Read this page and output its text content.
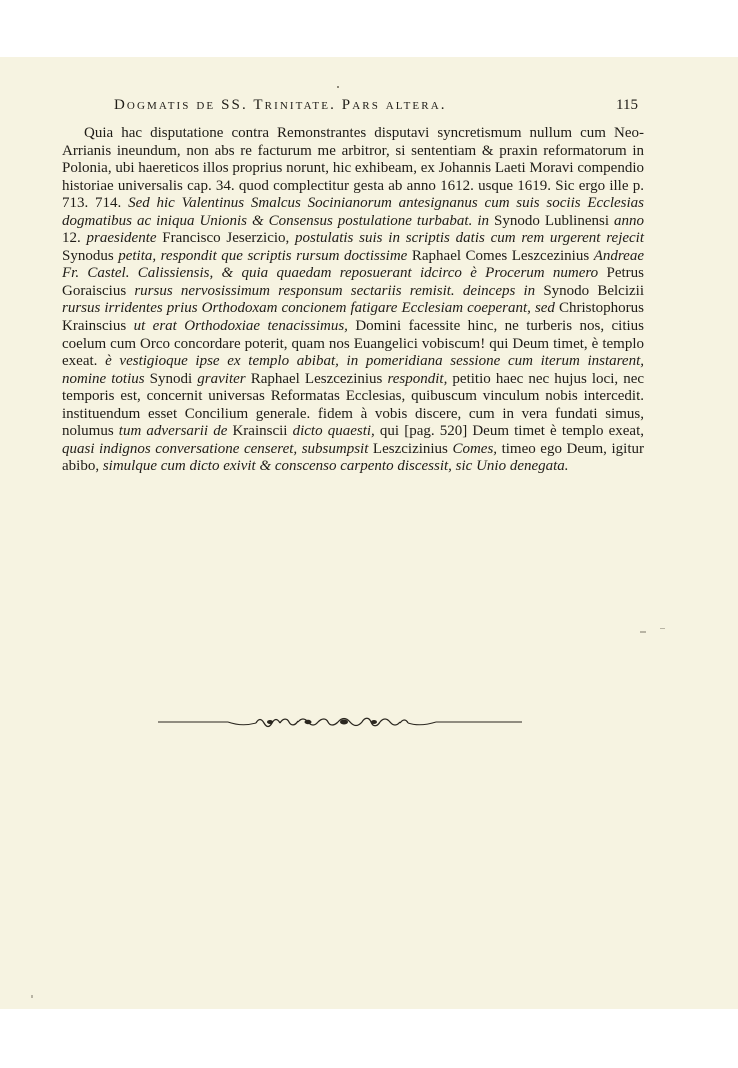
Dogmatis de SS. Trinitate. Pars altera.	115

Quia hac disputatione contra Remonstrantes disputavi syncretismum nullum cum Neo-Arrianis ineundum, non abs re facturum me arbitror, si sententiam & praxin reformatorum in Polonia, ubi haereticos illos proprius norunt, hic exhibeam, ex Johannis Laeti Moravi compendio historiae universalis cap. 34. quod complectitur gesta ab anno 1612. usque 1619. Sic ergo ille p. 713. 714. Sed hic Valentinus Smalcus Socinianorum antesignanus cum suis sociis Ecclesias dogmatibus ac iniqua Unionis & Consensus postulatione turbabat. in Synodo Lublinensi anno 12. praesidente Francisco Jeserzicio, postulatis suis in scriptis datis cum rem urgerent rejecit Synodus petita, respondit que scriptis rursum doctissime Raphael Comes Leszcezinius Andreae Fr. Castel. Calissiensis, & quia quaedam reposuerant idcirco è Procerum numero Petrus Goraiscius rursus nervosissimum responsum sectariis remisit. deinceps in Synodo Belcizii rursus irridentes prius Orthodoxam concionem fatigare Ecclesiam coeperant, sed Christophorus Krainscius ut erat Orthodoxiae tenacissimus, Domini facessite hinc, ne turberis nos, citius coelum cum Orco concordare poterit, quam nos Euangelici vobiscum! qui Deum timet, è templo exeat. è vestigioque ipse ex templo abibat, in pomeridiana sessione cum iterum instarent, nomine totius Synodi graviter Raphael Leszcezinius respondit, petitio haec nec hujus loci, nec temporis est, concernit universas Reformatas Ecclesias, quibuscum vinculum nobis intercedit. instituendum esset Concilium generale. fidem à vobis discere, cum in vera fundati simus, nolumus tum adversarii de Krainscii dicto quaesti, qui [pag. 520] Deum timet è templo exeat, quasi indignos conversatione censeret, subsumpsit Leszcizinius Comes, timeo ego Deum, igitur abibo, simulque cum dicto exivit & conscenso carpento discessit, sic Unio denegata.
